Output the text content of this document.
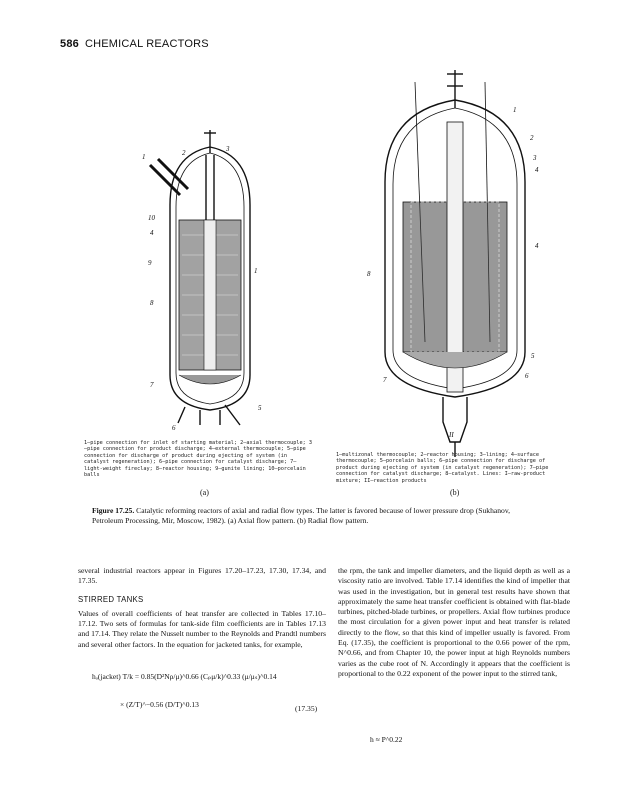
586 CHEMICAL REACTORS
1	2	3
10
4
9
8
7
6
5
1
1
2
3
4
4
8
5
7	6
II
1—pipe connection for inlet of starting material; 2—axial thermocouple; 3—pipe connection for product discharge; 4—external thermocouple; 5—pipe connection for discharge of product during ejecting of system (in catalyst regeneration); 6—pipe connection for catalyst discharge; 7—light-weight fireclay; 8—reactor housing; 9—gunite lining; 10—porcelain balls
1—multizonal thermocouple; 2—reactor housing; 3—lining; 4—surface thermocouple; 5—porcelain balls; 6—pipe connection for discharge of product during ejecting of system (in catalyst regeneration); 7—pipe connection for catalyst discharge; 8—catalyst. Lines: I—raw-product mixture; II—reaction products
(a)	(b)
Figure 17.25. Catalytic reforming reactors of axial and radial flow types. The latter is favored because of lower pressure drop (Sukhanov, Petroleum Processing, Mir, Moscow, 1982). (a) Axial flow pattern. (b) Radial flow pattern.

several industrial reactors appear in Figures 17.20–17.23, 17.30, 17.34, and 17.35.

STIRRED TANKS

Values of overall coefficients of heat transfer are collected in Tables 17.10–17.12. Two sets of formulas for tank-side film coefficients are in Tables 17.13 and 17.14. They relate the Nusselt number to the Reynolds and Prandtl numbers and several other factors. In the equation for jacketed tanks, for example,

hₒ(jacket) T/k = 0.85(D²Nρ/μ)^0.66 (Cₚμ/k)^0.33 (μ/μₛ)^0.14
× (Z/T)^−0.56 (D/T)^0.13	(17.35)

the rpm, the tank and impeller diameters, and the liquid depth as well as a viscosity ratio are involved. Table 17.14 identifies the kind of impeller that was used in the investigation, but in general test results have shown that approximately the same heat transfer coefficient is obtained with flat-blade turbines, pitched-blade turbines, or propellers. Axial flow turbines produce the most circulation for a given power input and heat transfer is related directly to the flow, so that this kind of impeller usually is favored. From Eq. (17.35), the coefficient is proportional to the 0.66 power of the rpm, N^0.66, and from Chapter 10, the power input at high Reynolds numbers varies as the cube root of N. Accordingly it appears that the coefficient is proportional to the 0.22 exponent of the power input to the stirred tank,

h ≈ P^0.22
